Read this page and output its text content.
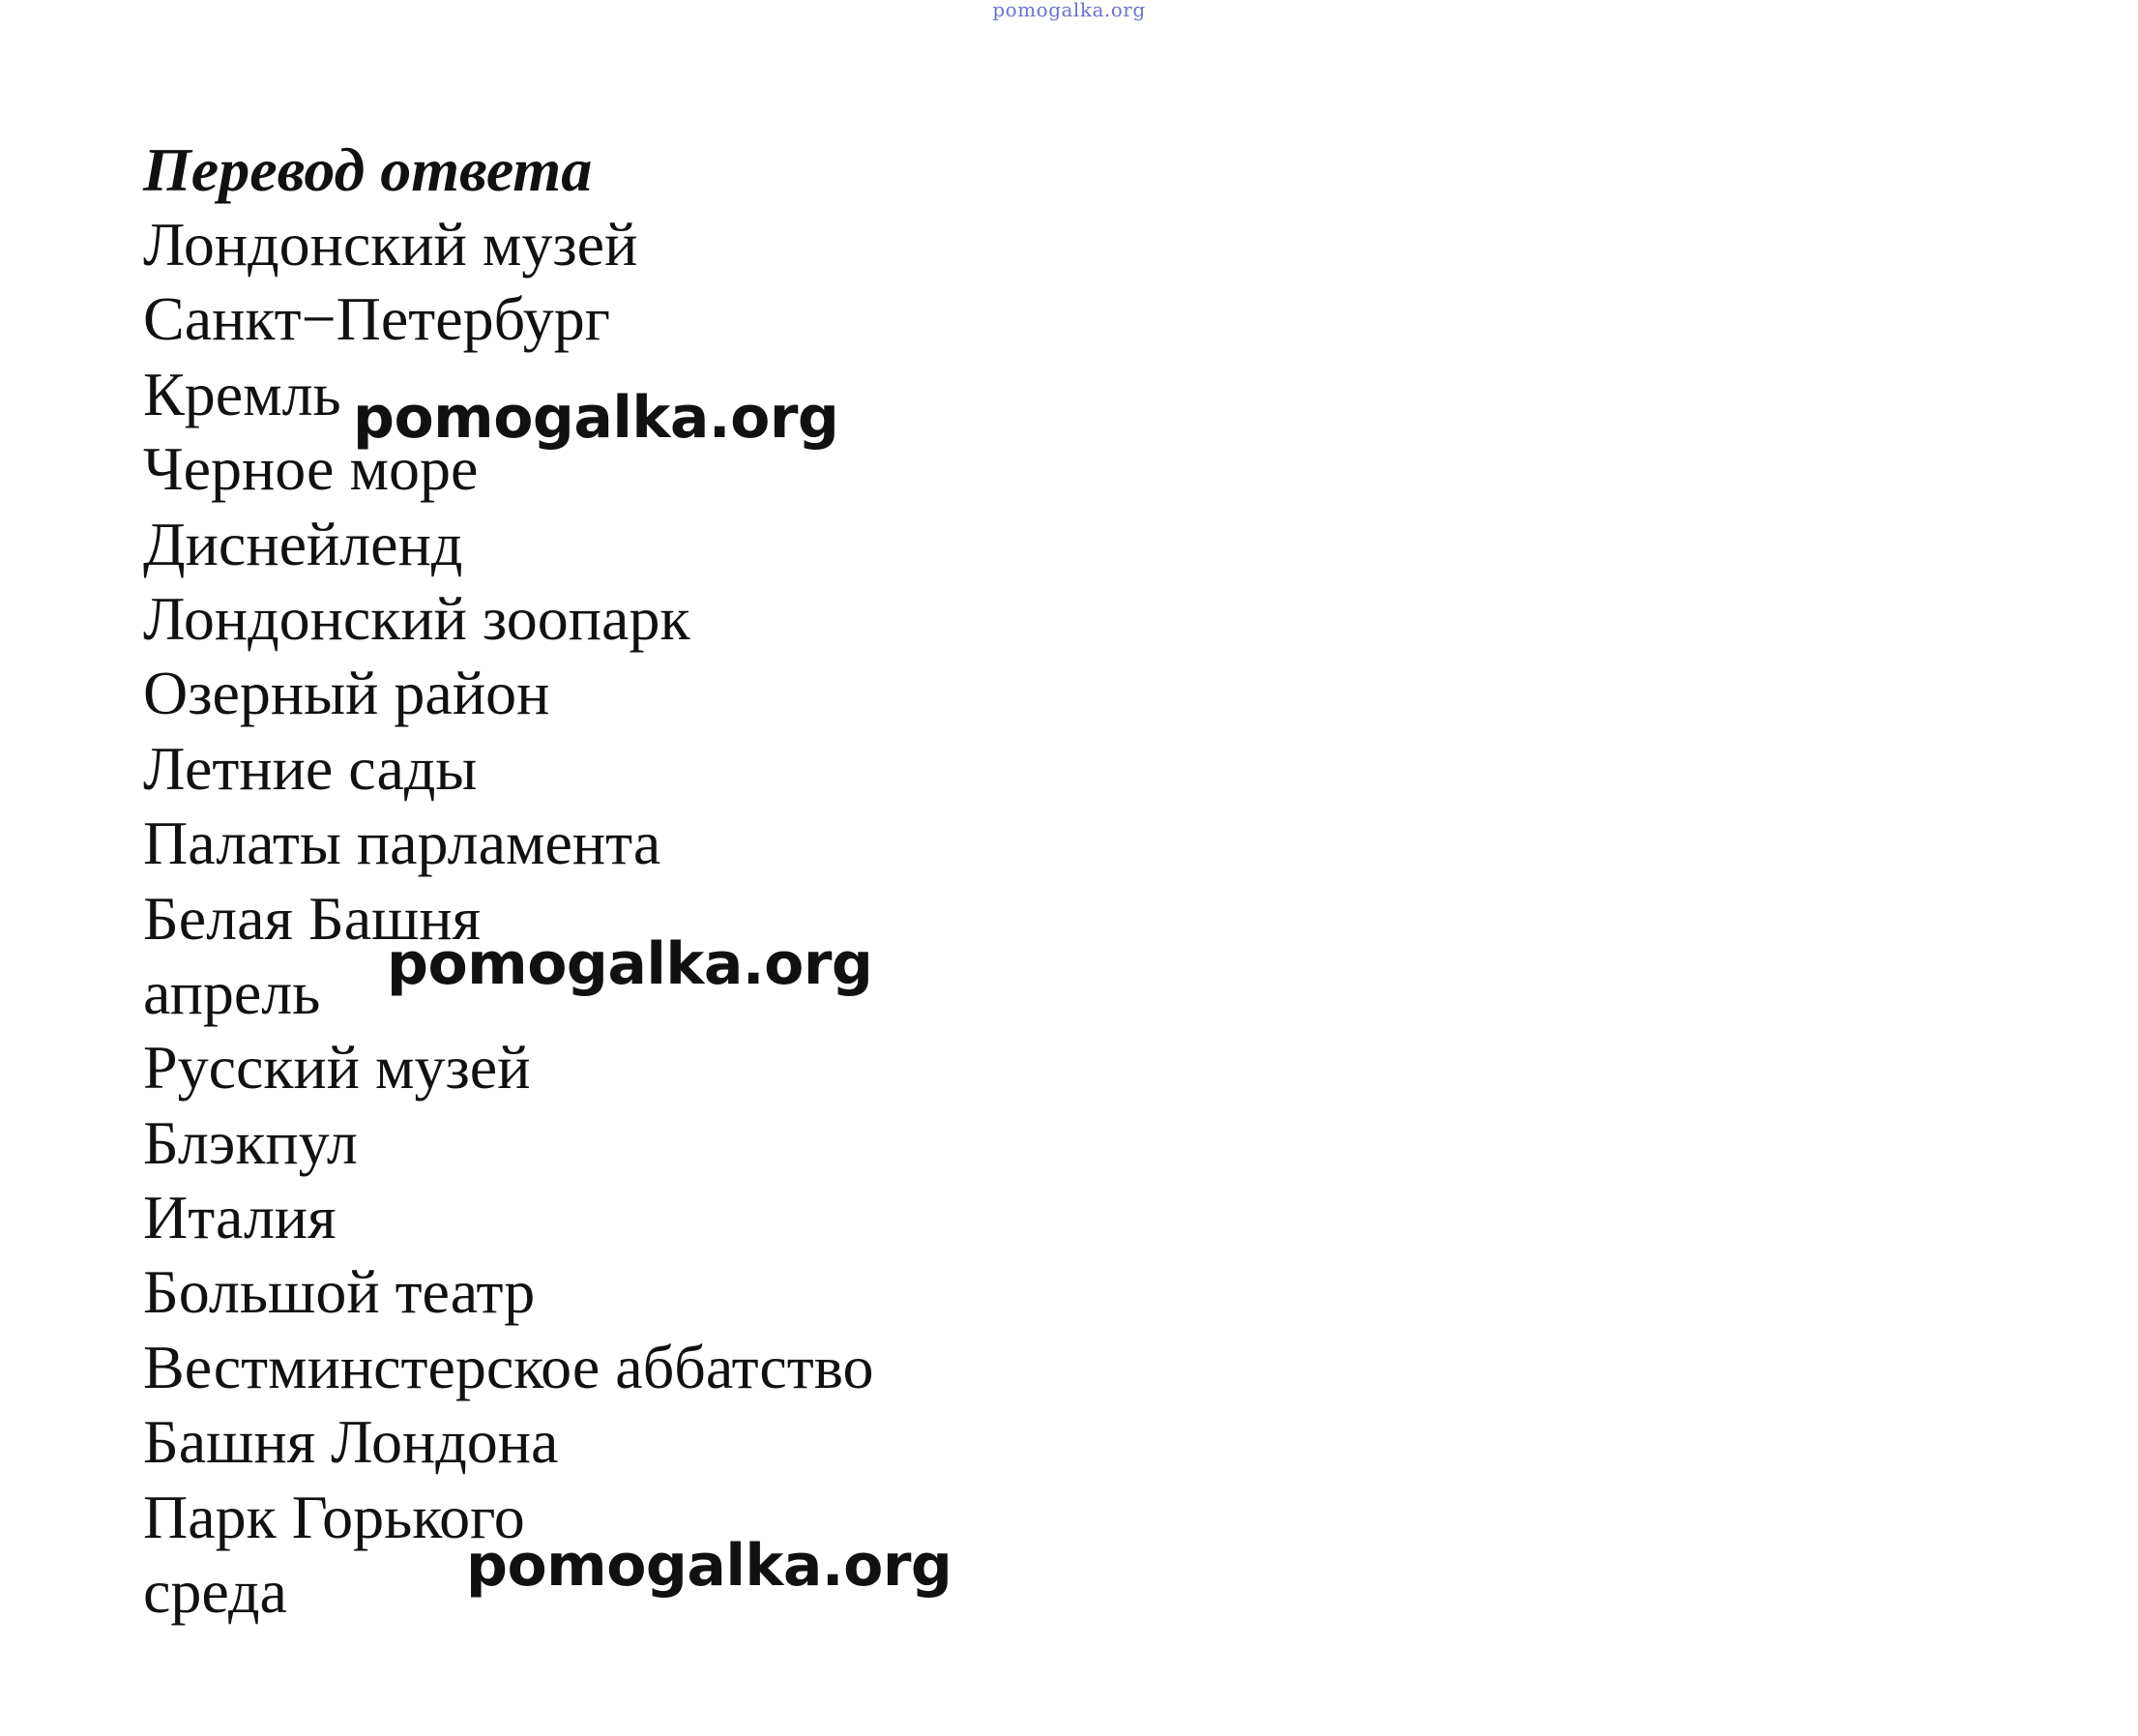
pomogalka.org
Перевод ответа
Лондонский музей
Санкт−Петербург
Кремль
Черное море
Диснейленд
Лондонский зоопарк
Озерный район
Летние сады
Палаты парламента
Белая Башня
апрель
Русский музей
Блэкпул
Италия
Большой театр
Вестминстерское аббатство
Башня Лондона
Парк Горького
среда
pomogalka.org
pomogalka.org
pomogalka.org
